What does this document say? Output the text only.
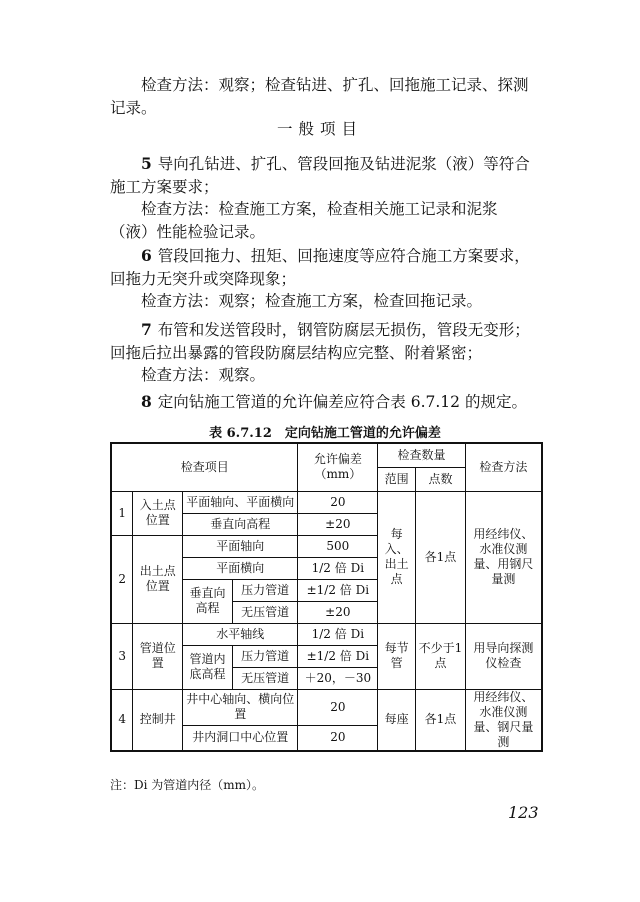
检查方法：观察；检查钻进、扩孔、回拖施工记录、探测记录。
一般项目
5 导向孔钻进、扩孔、管段回拖及钻进泥浆（液）等符合施工方案要求；
检查方法：检查施工方案，检查相关施工记录和泥浆（液）性能检验记录。
6 管段回拖力、扭矩、回拖速度等应符合施工方案要求，回拖力无突升或突降现象；
检查方法：观察；检查施工方案，检查回拖记录。
7 布管和发送管段时，钢管防腐层无损伤，管段无变形；回拖后拉出暴露的管段防腐层结构应完整、附着紧密；
检查方法：观察。
8 定向钻施工管道的允许偏差应符合表 6.7.12 的规定。
表 6.7.12　定向钻施工管道的允许偏差
检查项目				允许偏差（mm）	检查数量		检查方法
					范围	点数	
1	入土点位置	平面轴向、平面横向		20	每入、出土点	各1点	用经纬仪、水准仪测量、用钢尺量测
		垂直向高程		±20			
2	出土点位置	平面轴向		500			
		平面横向		1/2 倍 Di			
		垂直向高程	压力管道	±1/2 倍 Di			
			无压管道	±20			
3	管道位置	水平轴线		1/2 倍 Di	每节管	不少于1点	用导向探测仪检查
		管道内底高程	压力管道	±1/2 倍 Di			
			无压管道	＋20，－30			
4	控制井	井中心轴向、横向位置		20	每座	各1点	用经纬仪、水准仪测量、钢尺量测
		井内洞口中心位置		20			
注：Di 为管道内径（mm）。
123
